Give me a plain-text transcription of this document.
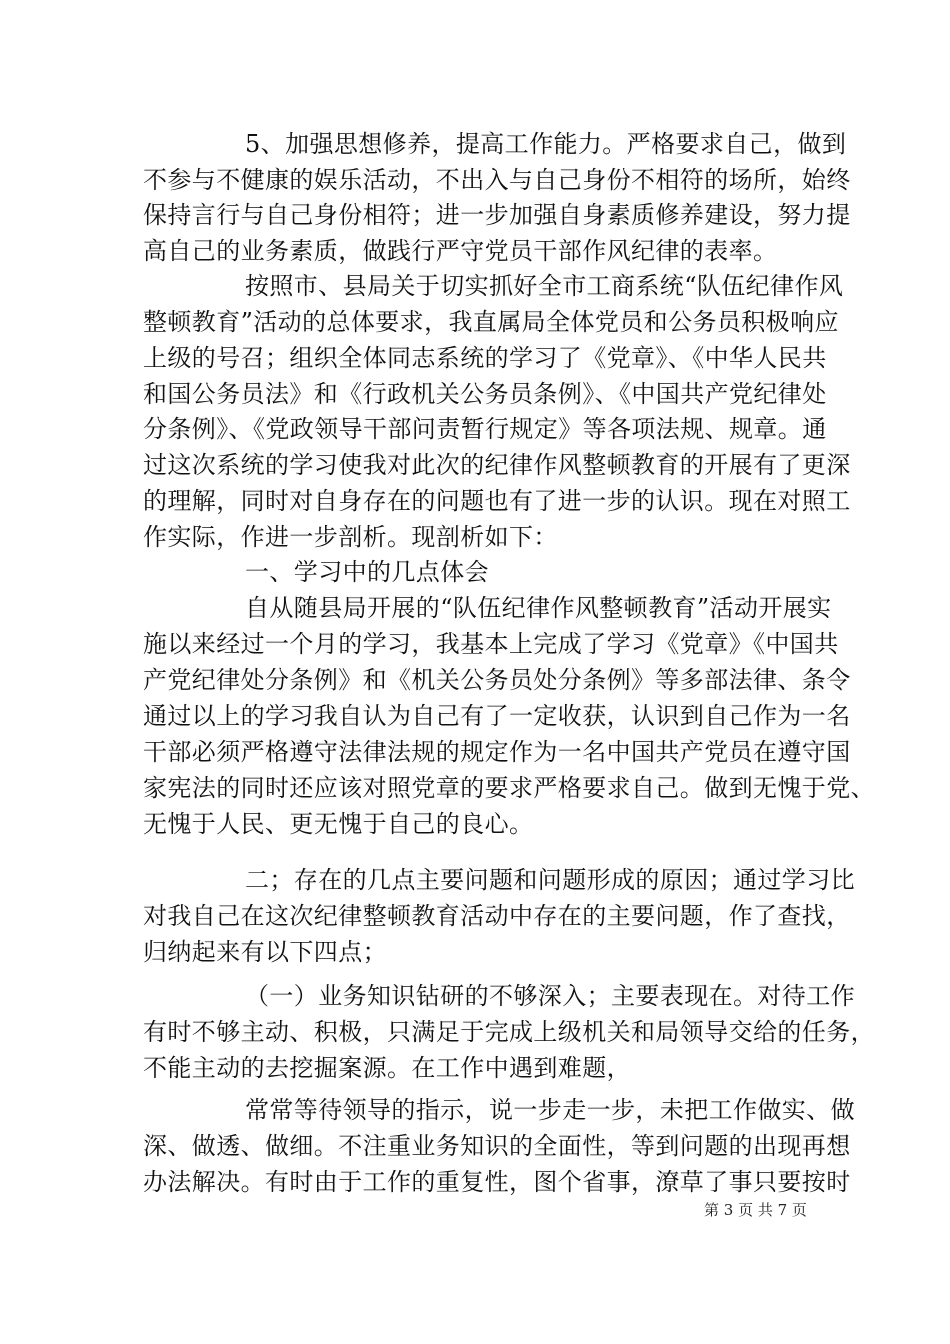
5、加强思想修养，提高工作能力。严格要求自己，做到
不参与不健康的娱乐活动，不出入与自己身份不相符的场所，始终
保持言行与自己身份相符；进一步加强自身素质修养建设，努力提
高自己的业务素质，做践行严守党员干部作风纪律的表率。
按照市、县局关于切实抓好全市工商系统“队伍纪律作风
整顿教育”活动的总体要求，我直属局全体党员和公务员积极响应
上级的号召；组织全体同志系统的学习了《党章》、《中华人民共
和国公务员法》和《行政机关公务员条例》、《中国共产党纪律处
分条例》、《党政领导干部问责暂行规定》等各项法规、规章。通
过这次系统的学习使我对此次的纪律作风整顿教育的开展有了更深
的理解，同时对自身存在的问题也有了进一步的认识。现在对照工
作实际，作进一步剖析。现剖析如下：
一、学习中的几点体会
自从随县局开展的“队伍纪律作风整顿教育”活动开展实
施以来经过一个月的学习，我基本上完成了学习《党章》《中国共
产党纪律处分条例》和《机关公务员处分条例》等多部法律、条令
通过以上的学习我自认为自己有了一定收获，认识到自己作为一名
干部必须严格遵守法律法规的规定作为一名中国共产党员在遵守国
家宪法的同时还应该对照党章的要求严格要求自己。做到无愧于党、
无愧于人民、更无愧于自己的良心。
二；存在的几点主要问题和问题形成的原因；通过学习比
对我自己在这次纪律整顿教育活动中存在的主要问题，作了查找，
归纳起来有以下四点；
（一）业务知识钻研的不够深入；主要表现在。对待工作
有时不够主动、积极，只满足于完成上级机关和局领导交给的任务，
不能主动的去挖掘案源。在工作中遇到难题，
常常等待领导的指示，说一步走一步，未把工作做实、做
深、做透、做细。不注重业务知识的全面性，等到问题的出现再想
办法解决。有时由于工作的重复性，图个省事，潦草了事只要按时
第 3 页 共 7 页
